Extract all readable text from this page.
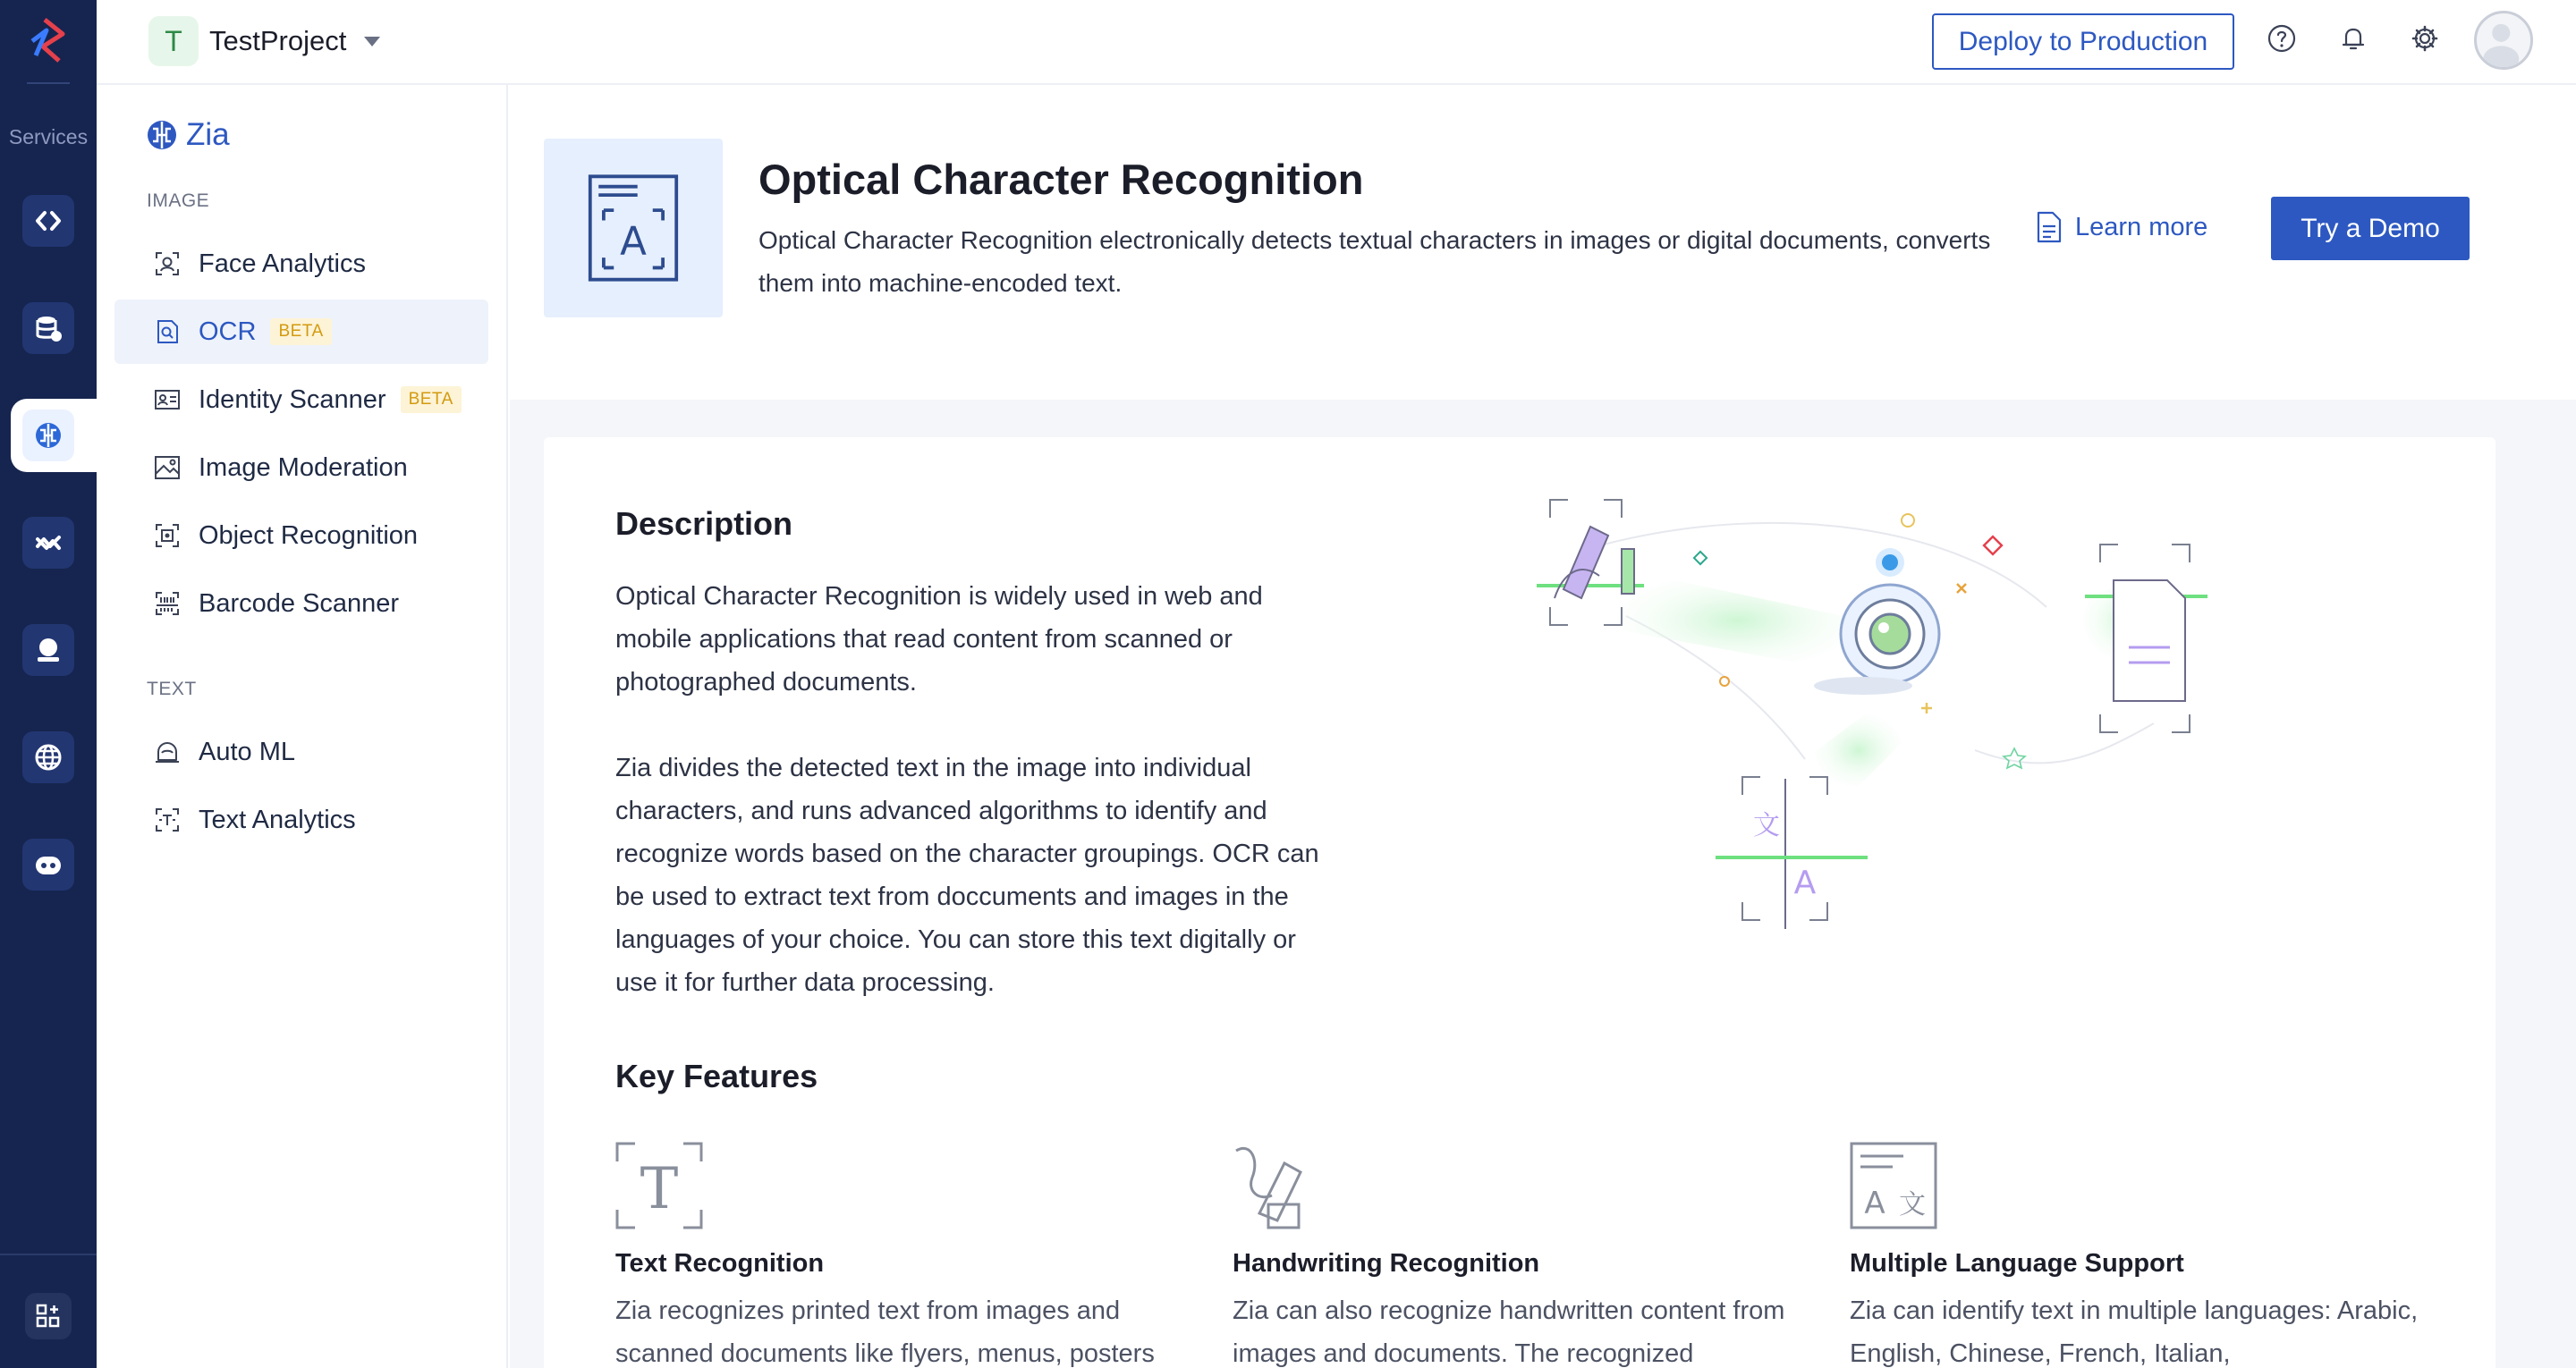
Services
T TestProject	Deploy to Production
Zia
IMAGE
Face Analytics
OCR	BETA
Identity Scanner	BETA
Image Moderation
Object Recognition
Barcode Scanner
TEXT
Auto ML
Text Analytics
A
Optical Character Recognition
Optical Character Recognition electronically detects textual characters in images or digital documents, converts them into machine-encoded text.
Learn more	Try a Demo
Description
Optical Character Recognition is widely used in web and mobile applications that read content from scanned or photographed documents.
Zia divides the detected text in the image into individual characters, and runs advanced algorithms to identify and recognize words based on the character groupings. OCR can be used to extract text from doccuments and images in the languages of your choice. You can store this text digitally or use it for further data processing.
文
A
Key Features
T
Text Recognition
Zia recognizes printed text from images and scanned documents like flyers, menus, posters
Handwriting Recognition
Zia can also recognize handwritten content from images and documents. The recognized
A 文
Multiple Language Support
Zia can identify text in multiple languages: Arabic, English, Chinese, French, Italian,
